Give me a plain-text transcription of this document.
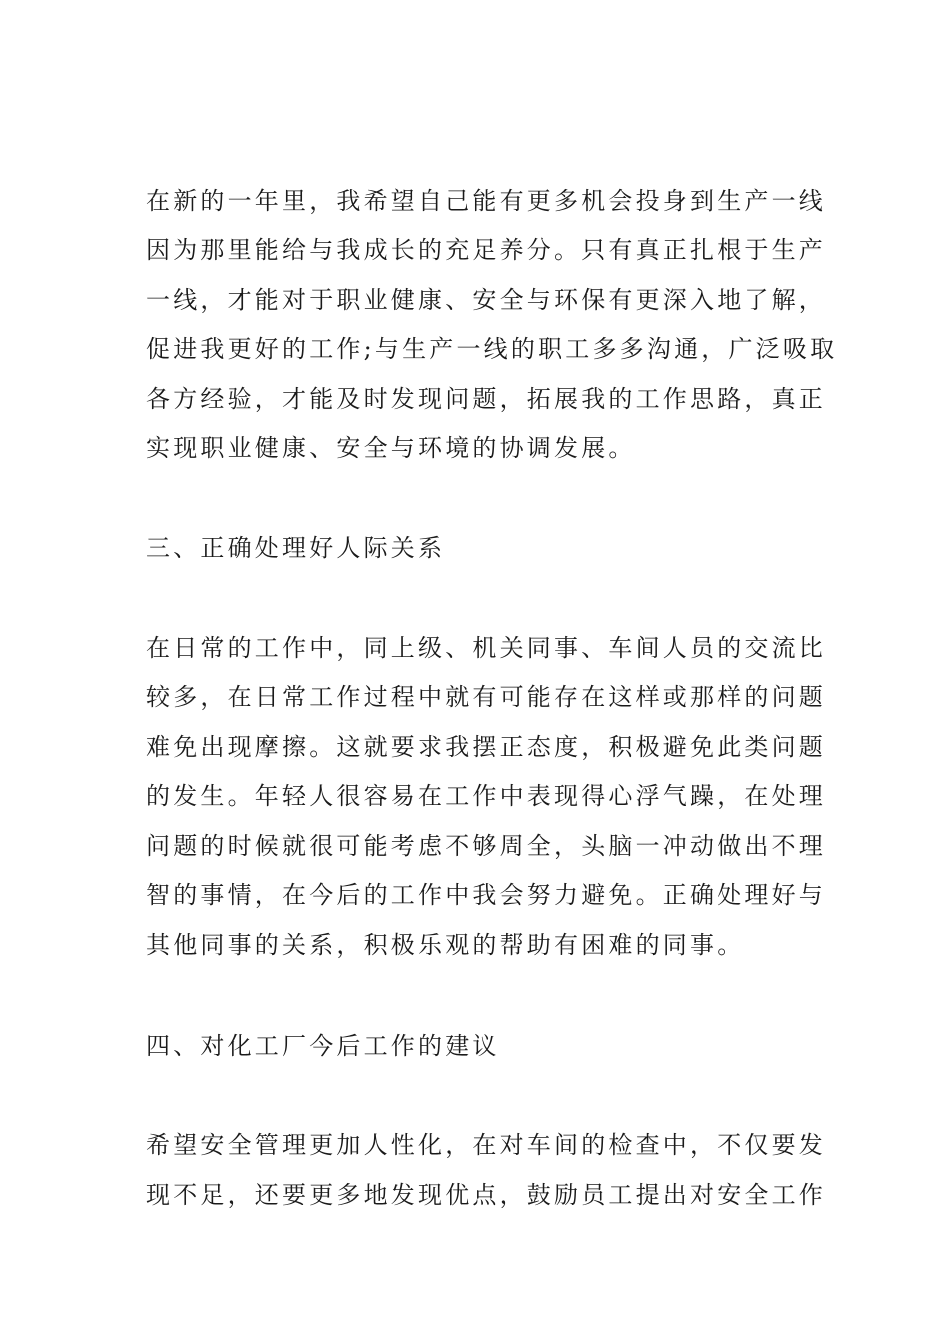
在新的一年里，我希望自己能有更多机会投身到生产一线
因为那里能给与我成长的充足养分。只有真正扎根于生产
一线，才能对于职业健康、安全与环保有更深入地了解，
促进我更好的工作;与生产一线的职工多多沟通，广泛吸取
各方经验，才能及时发现问题，拓展我的工作思路，真正
实现职业健康、安全与环境的协调发展。
三、正确处理好人际关系
在日常的工作中，同上级、机关同事、车间人员的交流比
较多，在日常工作过程中就有可能存在这样或那样的问题
难免出现摩擦。这就要求我摆正态度，积极避免此类问题
的发生。年轻人很容易在工作中表现得心浮气躁，在处理
问题的时候就很可能考虑不够周全，头脑一冲动做出不理
智的事情，在今后的工作中我会努力避免。正确处理好与
其他同事的关系，积极乐观的帮助有困难的同事。
四、对化工厂今后工作的建议
希望安全管理更加人性化，在对车间的检查中，不仅要发
现不足，还要更多地发现优点，鼓励员工提出对安全工作
